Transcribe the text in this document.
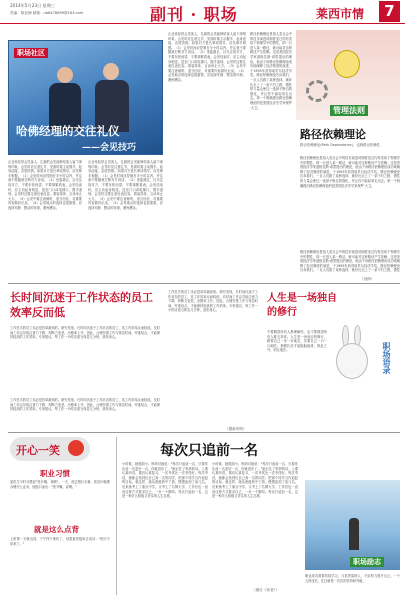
2014年5月23日 星期三
责编：陈亚楠 邮箱：nb6478899@163.com	副刊 · 职场	莱西市情	7
职场社区
哈佛经理的交往礼仪
——会见技巧
企业家经常会见客人，礼貌的会见能够给客人留下深刻印象。会见时应注意礼节，见面时要主动握手，起身迎接，态度热情。如果对方是长辈或领导，应先伸手相握。（1）会见时间应控制在半小时以内，并注意不要随意打断对方说话。（2）坐姿端正，目光注视对方，不要东张西望，不要频繁看表。会见结束时，应主动起身相送，送至门口或电梯口，握手道别。会见时还要注意仪表仪容，着装得体，言谈举止大方。（3）会见中要注意倾听，适当回应，对重要内容做好记录。（4）会见地点的选择也很重要，应选择安静、整洁的环境，避免嘈杂。
企业家经常会见客人，礼貌的会见能够给客人留下深刻印象。会见时应注意礼节，见面时要主动握手，起身迎接，态度热情。如果对方是长辈或领导，应先伸手相握。（1）会见时间应控制在半小时以内，并注意不要随意打断对方说话。（2）坐姿端正，目光注视对方，不要东张西望，不要频繁看表。会见结束时，应主动起身相送，送至门口或电梯口，握手道别。会见时还要注意仪表仪容，着装得体，言谈举止大方。（3）会见中要注意倾听，适当回应，对重要内容做好记录。（4）会见地点的选择也很重要，应选择安静、整洁的环境，避免嘈杂。
企业家经常会见客人，礼貌的会见能够给客人留下深刻印象。会见时应注意礼节，见面时要主动握手，起身迎接，态度热情。如果对方是长辈或领导，应先伸手相握。（1）会见时间应控制在半小时以内，并注意不要随意打断对方说话。（2）坐姿端正，目光注视对方，不要东张西望，不要频繁看表。会见结束时，应主动起身相送，送至门口或电梯口，握手道别。会见时还要注意仪表仪容，着装得体，言谈举止大方。（3）会见中要注意倾听，适当回应，对重要内容做好记录。（4）会见地点的选择也很重要，应选择安静、整洁的环境，避免嘈杂。
管理法则
路径依赖理论
路径依赖理论(Path Dependence)，也称路径依赖性
路径依赖理论是指人类社会中的技术演进或制度变迁均有类似于物理学中的惯性，即一旦进入某一路径，就可能对这种路径产生依赖。这是美国经济学家道格拉斯·诺思提出的理论，他由于用路径依赖理论成功地阐释了经济制度的演进，于1993年获得诺贝尔经济学奖。路径依赖理论告诉我们，一旦人们做了某种选择，就好比走上了一条不归之路，惯性的力量会使这一选择不断自我强化，并让你不能轻易走出去。第一个明确提出路径依赖理论的是美国经济史学家保罗·大卫。
路径依赖理论是指人类社会中的技术演进或制度变迁均有类似于物理学中的惯性，即一旦进入某一路径，就可能对这种路径产生依赖。这是美国经济学家道格拉斯·诺思提出的理论，他由于用路径依赖理论成功地阐释了经济制度的演进，于1993年获得诺贝尔经济学奖。路径依赖理论告诉我们，一旦人们做了某种选择，就好比走上了一条不归之路，惯性的力量会使这一选择不断自我强化，并让你不能轻易走出去。第一个明确提出路径依赖理论的是美国经济史学家保罗·大卫。
路径依赖理论是指人类社会中的技术演进或制度变迁均有类似于物理学中的惯性，即一旦进入某一路径，就可能对这种路径产生依赖。这是美国经济学家道格拉斯·诺思提出的理论，他由于用路径依赖理论成功地阐释了经济制度的演进，于1993年获得诺贝尔经济学奖。路径依赖理论告诉我们，一旦人们做了某种选择，就好比走上了一条不归之路，惯性
（延伸）
长时间沉迷于工作状态的员工效率反而低
工作狂式的员工未必是效率最高的。研究发现，长时间沉迷于工作状态的员工，其工作效率反而较低。长时间工作会导致注意力下降，判断力变差，出错率上升。因此，合理安排工作与休息时间，劳逸结合，才能保持较高的工作效率。专家建议，每工作一小时应适当休息几分钟，放松身心。
工作狂式的员工未必是效率最高的。研究发现，长时间沉迷于工作状态的员工，其工作效率反而较低。长时间工作会导致注意力下降，判断力变差，出错率上升。因此，合理安排工作与休息时间，劳逸结合，才能保持较高的工作效率。专家建议，每工作一小时应适当休息几分钟，放松身心。
工作狂式的员工未必是效率最高的。研究发现，长时间沉迷于工作状态的员工，其工作效率反而较低。长时间工作会导致注意力下降，判断力变差，出错率上升。因此，合理安排工作与休息时间，劳逸结合，才能保持较高的工作效率。专家建议，每工作一小时应适当休息几分钟，放松身心。
（据新华网）
人生是一场独自的修行
不要期望所有人都理解你，也不要期望所有人都支持你。人生是一场独自的修行，路要自己一步一步地走，苦要自己一口一口地吃。抽筋扒皮才能脱胎换骨，除此之外，别无他法。	职场语录
开心一笑
职业习惯
某医生平时习惯说"张开嘴，说啊"。一天，他去银行办事，柜员问他要办理什么业务，他脱口而出："张开嘴，说啊。"
就是这么点背
上班第一天就迟到，下午终于准时了，结果被老板叫去谈话："明天不用来了。"
每次只追前一名
小时候，她很胆小。妈妈对她说："每次只追前一名，只要你比前一名更好一点，你就进步了。"她记住了妈妈的话。上课认真听讲，课后认真复习，一次考试比一次考得好。每次考试，她都会找到比自己高一名的同学，把那个同学当作追赶的目标。就这样，她从班级的中下游，慢慢追到了前几名。后来她考上了重点中学，又考上了名牌大学，工作后也一直用这种方式要求自己，一步一个脚印。每次只追前一名，这是一种多么积极又务实的人生态度。
小时候，她很胆小。妈妈对她说："每次只追前一名，只要你比前一名更好一点，你就进步了。"她记住了妈妈的话。上课认真听讲，课后认真复习，一次考试比一次考得好。每次考试，她都会找到比自己高一名的同学，把那个同学当作追赶的目标。就这样，她从班级的中下游，慢慢追到了前几名。后来她考上了重点中学，又考上了名牌大学，工作后也一直用这种方式要求自己，一步一个脚印。每次只追前一名，这是一种多么积极又务实的人生态度。
（摘自《读者》）
职场励志
职业成功需要持续学习，与其羡慕别人，不如努力提升自己。一个人的成长，往往就是一次次的坚持和突破。
